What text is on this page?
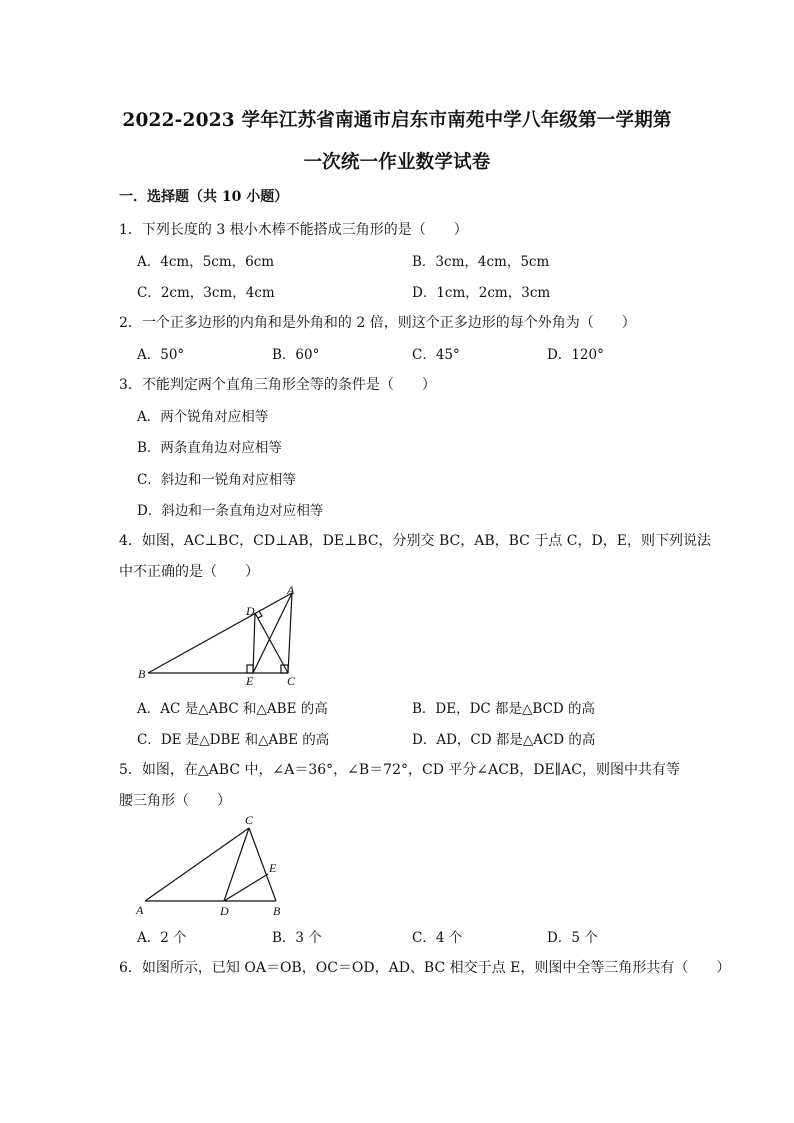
2022-2023 学年江苏省南通市启东市南苑中学八年级第一学期第
一次统一作业数学试卷
一．选择题（共 10 小题）
1．下列长度的 3 根小木棒不能搭成三角形的是（　　）
A．4cm，5cm，6cm	B．3cm，4cm，5cm
C．2cm，3cm，4cm	D．1cm，2cm，3cm
2．一个正多边形的内角和是外角和的 2 倍，则这个正多边形的每个外角为（　　）
A．50°	B．60°	C．45°	D．120°
3．不能判定两个直角三角形全等的条件是（　　）
A．两个锐角对应相等
B．两条直角边对应相等
C．斜边和一锐角对应相等
D．斜边和一条直角边对应相等
4．如图，AC⊥BC，CD⊥AB，DE⊥BC，分别交 BC，AB，BC 于点 C，D，E，则下列说法
中不正确的是（　　）
A
D
B	E	C
A．AC 是△ABC 和△ABE 的高	B．DE，DC 都是△BCD 的高
C．DE 是△DBE 和△ABE 的高	D．AD，CD 都是△ACD 的高
5．如图，在△ABC 中，∠A＝36°，∠B＝72°，CD 平分∠ACB，DE∥AC，则图中共有等
腰三角形（　　）
C
E
A	D	B
A．2 个	B．3 个	C．4 个	D．5 个
6．如图所示，已知 OA＝OB，OC＝OD，AD、BC 相交于点 E，则图中全等三角形共有（　　）
